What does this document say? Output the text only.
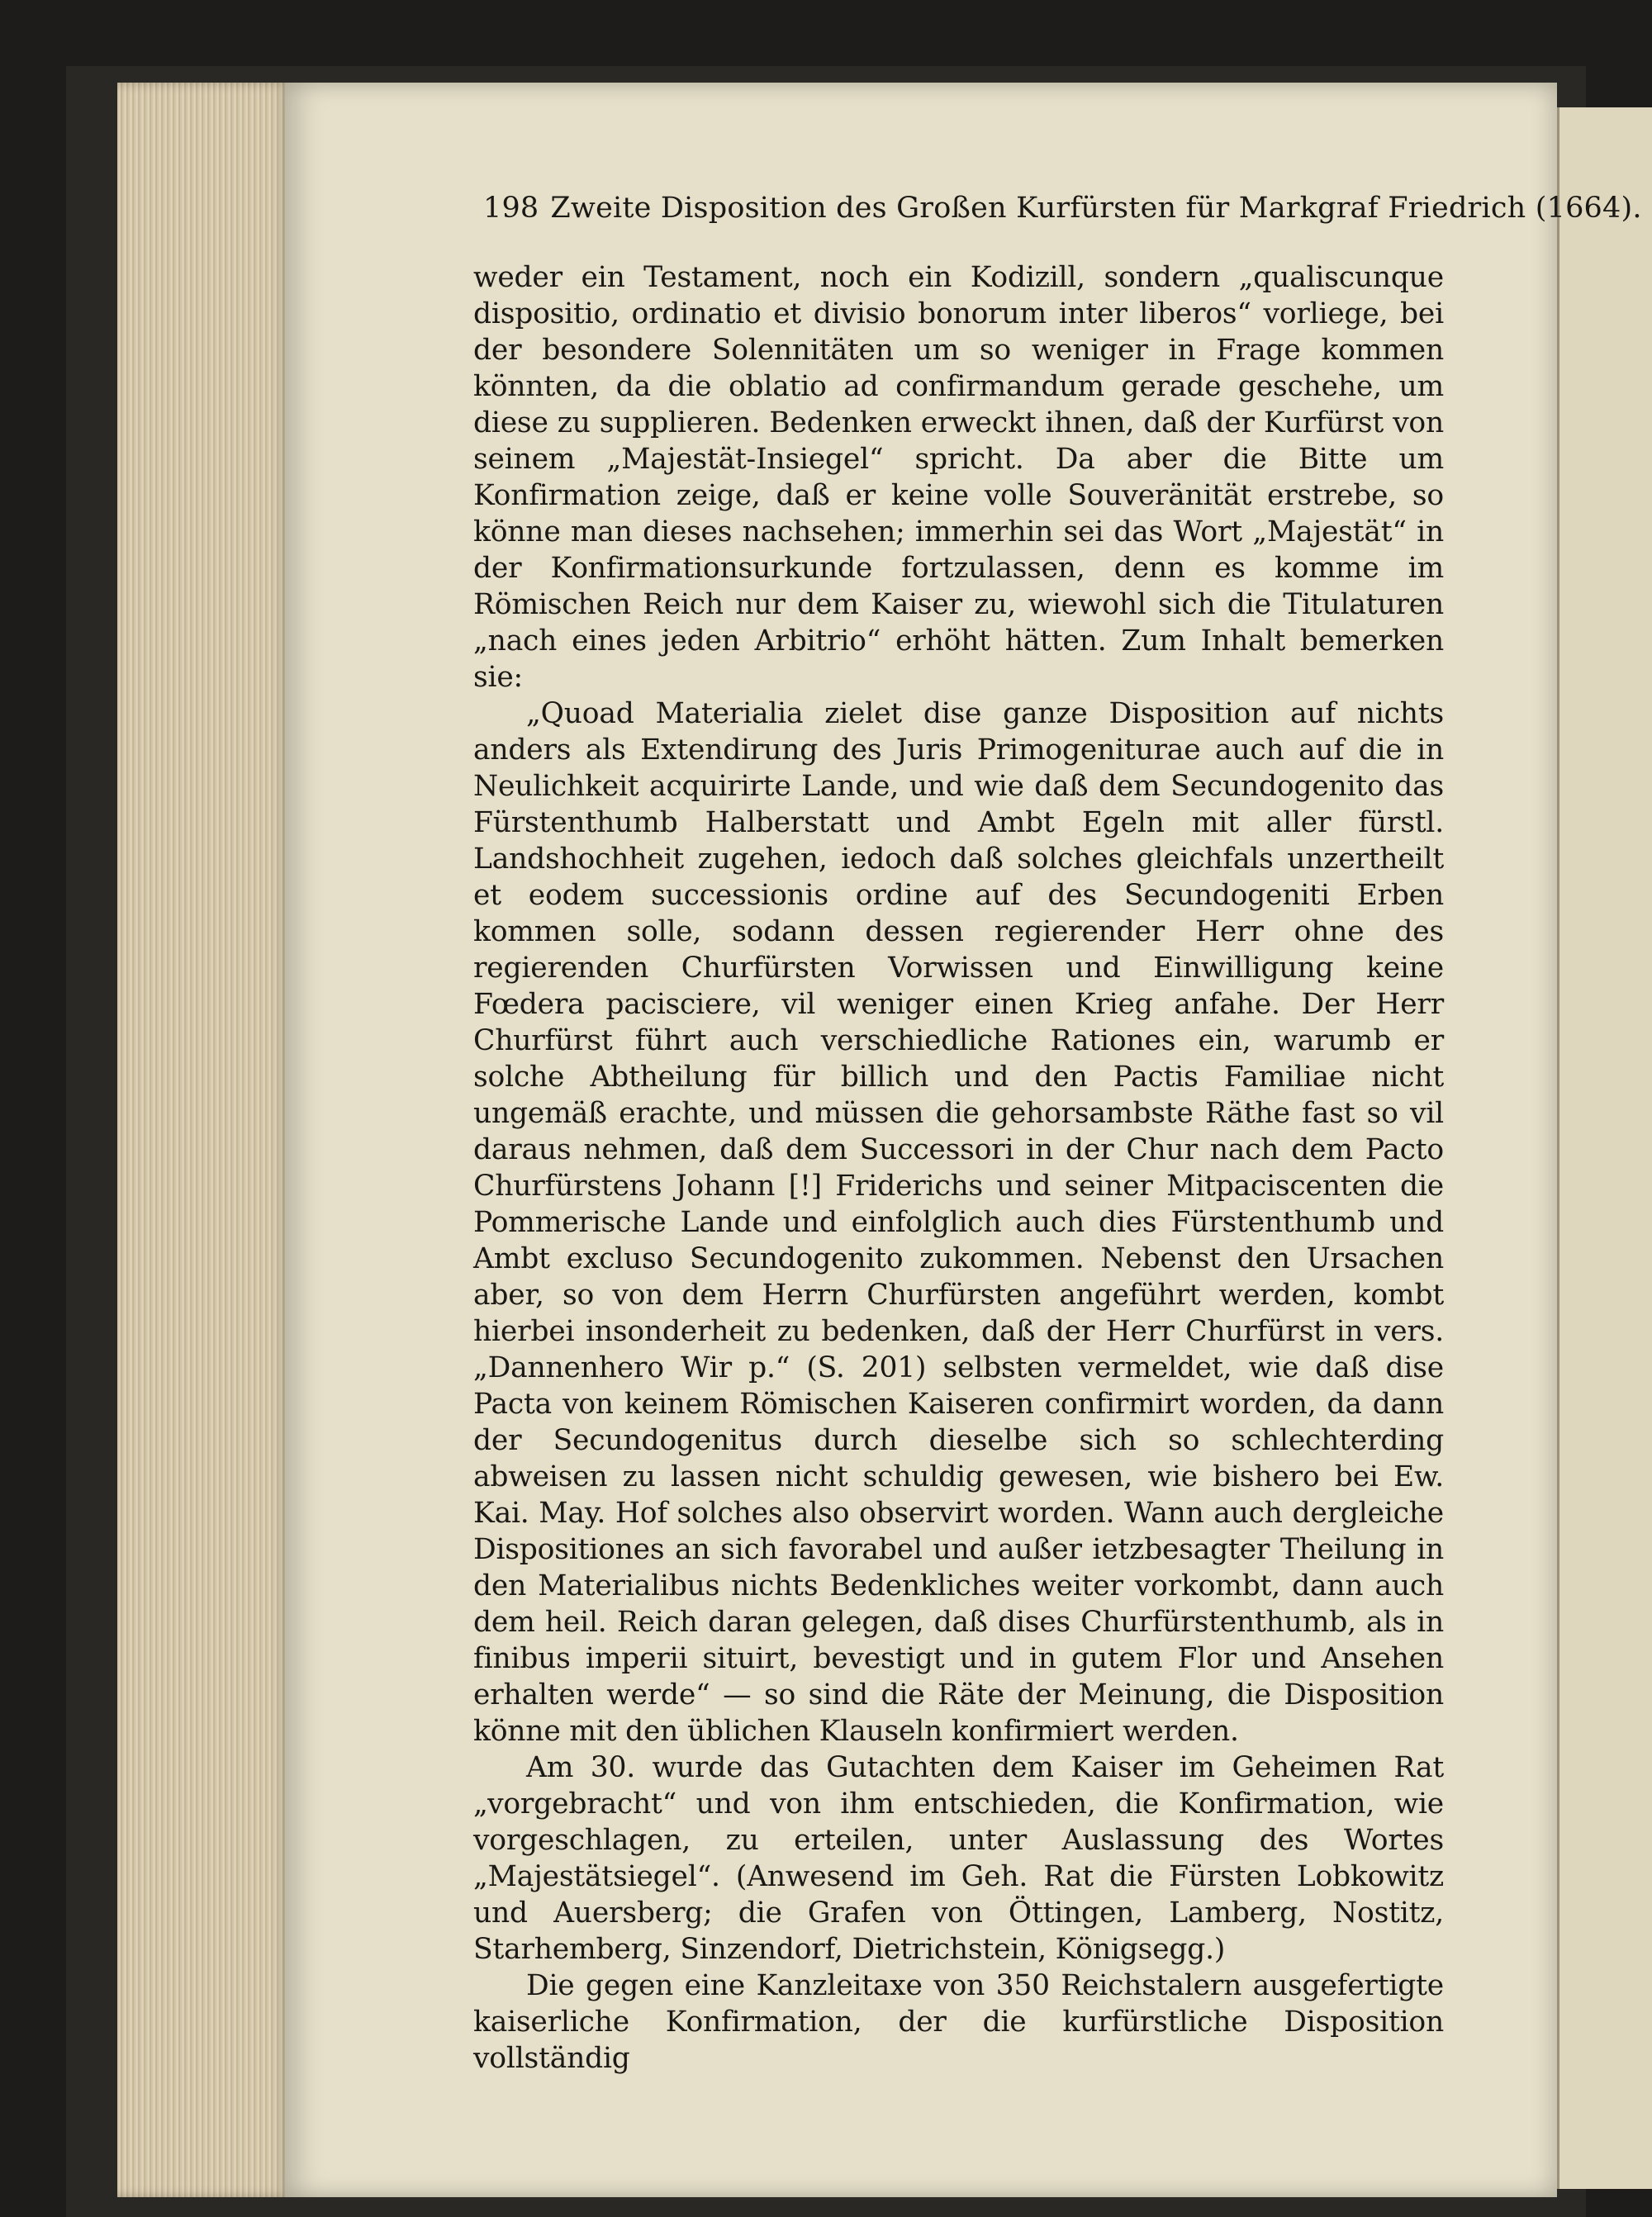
198 Zweite Disposition des Großen Kurfürsten für Markgraf Friedrich (1664).

weder ein Testament, noch ein Kodizill, sondern „qualiscunque dispositio, ordinatio et divisio bonorum inter liberos“ vorliege, bei der besondere Solennitäten um so weniger in Frage kommen könnten, da die oblatio ad confirmandum gerade geschehe, um diese zu supplieren. Bedenken erweckt ihnen, daß der Kurfürst von seinem „Majestät-Insiegel“ spricht. Da aber die Bitte um Konfirmation zeige, daß er keine volle Souveränität erstrebe, so könne man dieses nachsehen; immerhin sei das Wort „Majestät“ in der Konfirmationsurkunde fortzulassen, denn es komme im Römischen Reich nur dem Kaiser zu, wiewohl sich die Titulaturen „nach eines jeden Arbitrio“ erhöht hätten. Zum Inhalt bemerken sie:

„Quoad Materialia zielet dise ganze Disposition auf nichts anders als Extendirung des Juris Primogeniturae auch auf die in Neulichkeit acquirirte Lande, und wie daß dem Secundogenito das Fürstenthumb Halberstatt und Ambt Egeln mit aller fürstl. Landshochheit zugehen, iedoch daß solches gleichfals unzertheilt et eodem successionis ordine auf des Secundogeniti Erben kommen solle, sodann dessen regierender Herr ohne des regierenden Churfürsten Vorwissen und Einwilligung keine Fœdera pacisciere, vil weniger einen Krieg anfahe. Der Herr Churfürst führt auch verschiedliche Rationes ein, warumb er solche Abtheilung für billich und den Pactis Familiae nicht ungemäß erachte, und müssen die gehorsambste Räthe fast so vil daraus nehmen, daß dem Successori in der Chur nach dem Pacto Churfürstens Johann [!] Friderichs und seiner Mitpaciscenten die Pommerische Lande und einfolglich auch dies Fürstenthumb und Ambt excluso Secundogenito zukommen. Nebenst den Ursachen aber, so von dem Herrn Churfürsten angeführt werden, kombt hierbei insonderheit zu bedenken, daß der Herr Churfürst in vers. „Dannenhero Wir p.“ (S. 201) selbsten vermeldet, wie daß dise Pacta von keinem Römischen Kaiseren confirmirt worden, da dann der Secundogenitus durch dieselbe sich so schlechterding abweisen zu lassen nicht schuldig gewesen, wie bishero bei Ew. Kai. May. Hof solches also observirt worden. Wann auch dergleiche Dispositiones an sich favorabel und außer ietzbesagter Theilung in den Materialibus nichts Bedenkliches weiter vorkombt, dann auch dem heil. Reich daran gelegen, daß dises Churfürstenthumb, als in finibus imperii situirt, bevestigt und in gutem Flor und Ansehen erhalten werde“ — so sind die Räte der Meinung, die Disposition könne mit den üblichen Klauseln konfirmiert werden.

Am 30. wurde das Gutachten dem Kaiser im Geheimen Rat „vorgebracht“ und von ihm entschieden, die Konfirmation, wie vorgeschlagen, zu erteilen, unter Auslassung des Wortes „Majestätsiegel“. (Anwesend im Geh. Rat die Fürsten Lobkowitz und Auersberg; die Grafen von Öttingen, Lamberg, Nostitz, Starhemberg, Sinzendorf, Dietrichstein, Königsegg.)

Die gegen eine Kanzleitaxe von 350 Reichstalern ausgefertigte kaiserliche Konfirmation, der die kurfürstliche Disposition vollständig
